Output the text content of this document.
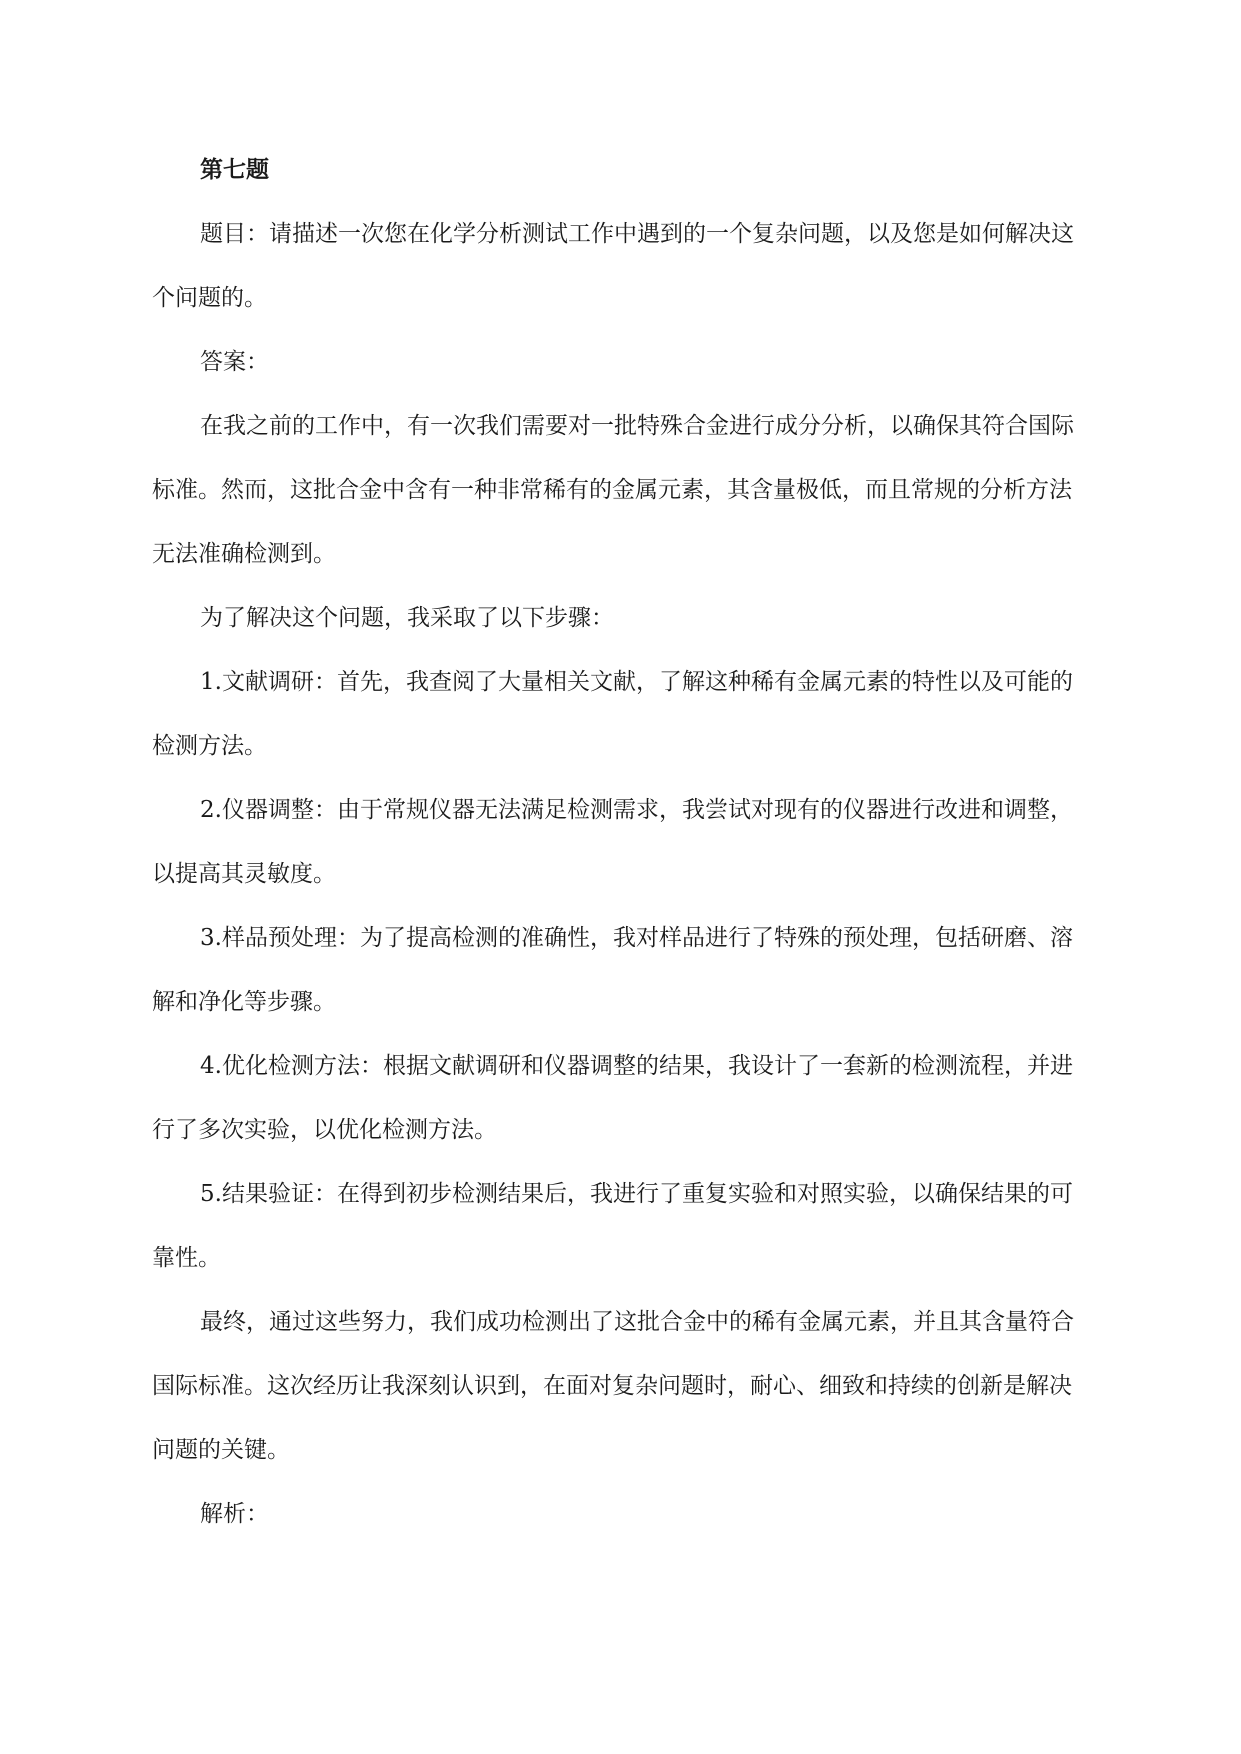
第七题

题目：请描述一次您在化学分析测试工作中遇到的一个复杂问题，以及您是如何解决这个问题的。

答案：

在我之前的工作中，有一次我们需要对一批特殊合金进行成分分析，以确保其符合国际标准。然而，这批合金中含有一种非常稀有的金属元素，其含量极低，而且常规的分析方法无法准确检测到。

为了解决这个问题，我采取了以下步骤：

1.文献调研：首先，我查阅了大量相关文献，了解这种稀有金属元素的特性以及可能的检测方法。

2.仪器调整：由于常规仪器无法满足检测需求，我尝试对现有的仪器进行改进和调整，以提高其灵敏度。

3.样品预处理：为了提高检测的准确性，我对样品进行了特殊的预处理，包括研磨、溶解和净化等步骤。

4.优化检测方法：根据文献调研和仪器调整的结果，我设计了一套新的检测流程，并进行了多次实验，以优化检测方法。

5.结果验证：在得到初步检测结果后，我进行了重复实验和对照实验，以确保结果的可靠性。

最终，通过这些努力，我们成功检测出了这批合金中的稀有金属元素，并且其含量符合国际标准。这次经历让我深刻认识到，在面对复杂问题时，耐心、细致和持续的创新是解决问题的关键。

解析：
